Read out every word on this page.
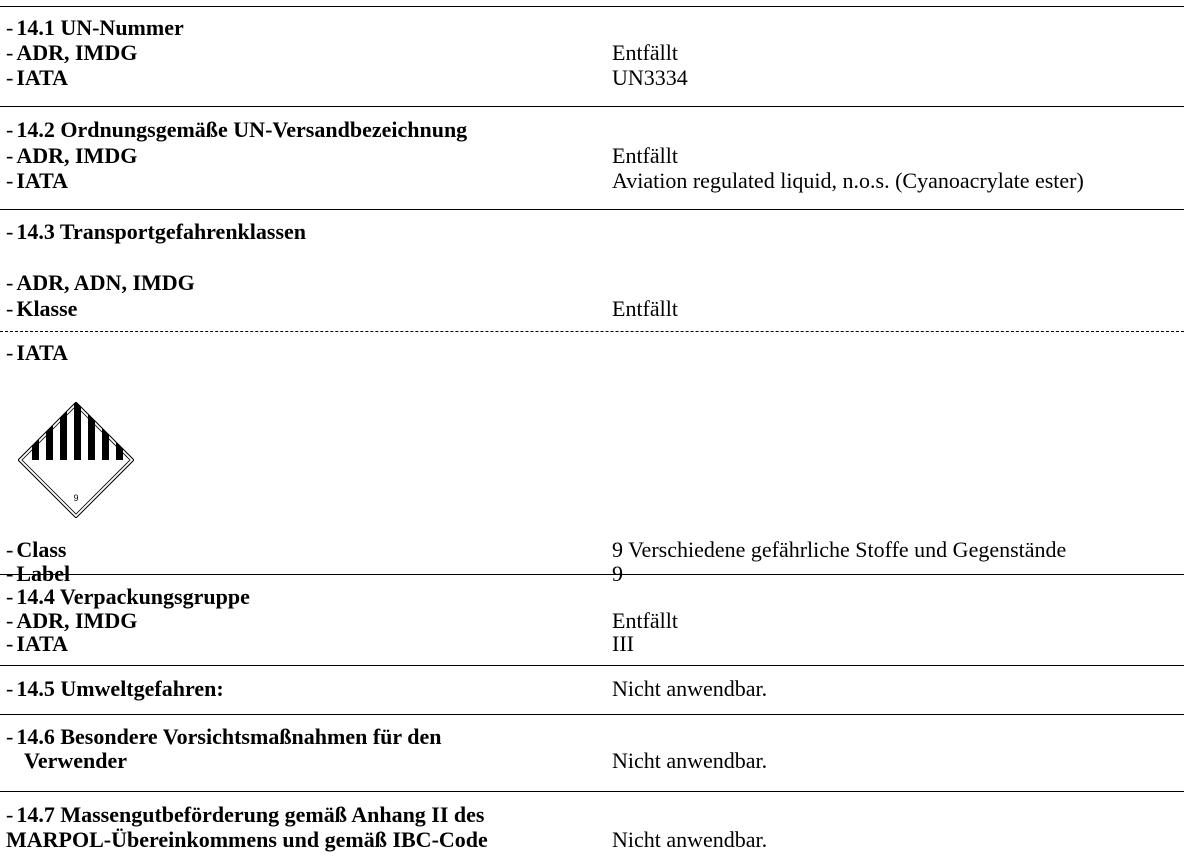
- 14.1 UN-Nummer
- ADR, IMDG	Entfällt
- IATA	UN3334
- 14.2 Ordnungsgemäße UN-Versandbezeichnung
- ADR, IMDG	Entfällt
- IATA	Aviation regulated liquid, n.o.s. (Cyanoacrylate ester)
- 14.3 Transportgefahrenklassen
- ADR, ADN, IMDG
- Klasse	Entfällt
- IATA
9
- Class	9 Verschiedene gefährliche Stoffe und Gegenstände
- Label	9
- 14.4 Verpackungsgruppe
- ADR, IMDG	Entfällt
- IATA	III
- 14.5 Umweltgefahren:	Nicht anwendbar.
- 14.6 Besondere Vorsichtsmaßnahmen für den
Verwender	Nicht anwendbar.
- 14.7 Massengutbeförderung gemäß Anhang II des
MARPOL-Übereinkommens und gemäß IBC-Code	Nicht anwendbar.
